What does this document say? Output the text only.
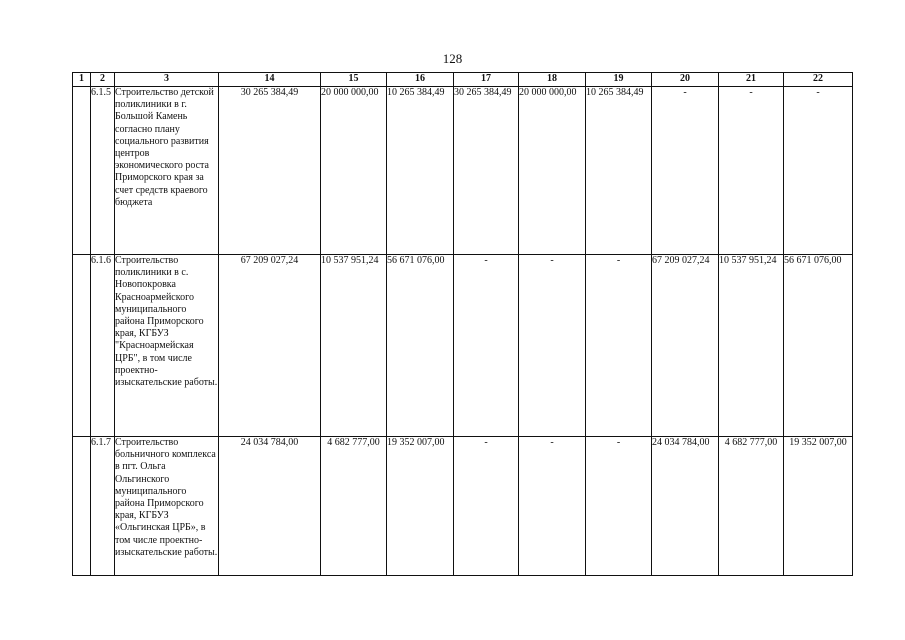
128
1	2	3	14	15	16	17	18	19	20	21	22
	6.1.5	Строительство детской поликлиники в г. Большой Камень согласно плану социального развития центров экономического роста Приморского края за счет средств краевого бюджета	30 265 384,49	20 000 000,00	10 265 384,49	30 265 384,49	20 000 000,00	10 265 384,49	-	-	-
	6.1.6	Строительство поликлиники в с. Новопокровка Красноармейского муниципального района Приморского края, КГБУЗ "Красноармейская ЦРБ", в том числе проектно-изыскательские работы.	67 209 027,24	10 537 951,24	56 671 076,00	-	-	-	67 209 027,24	10 537 951,24	56 671 076,00
	6.1.7	Строительство больничного комплекса в пгт. Ольга Ольгинского муниципального района Приморского края, КГБУЗ «Ольгинская ЦРБ», в том числе проектно-изыскательские работы.	24 034 784,00	4 682 777,00	19 352 007,00	-	-	-	24 034 784,00	4 682 777,00	19 352 007,00
